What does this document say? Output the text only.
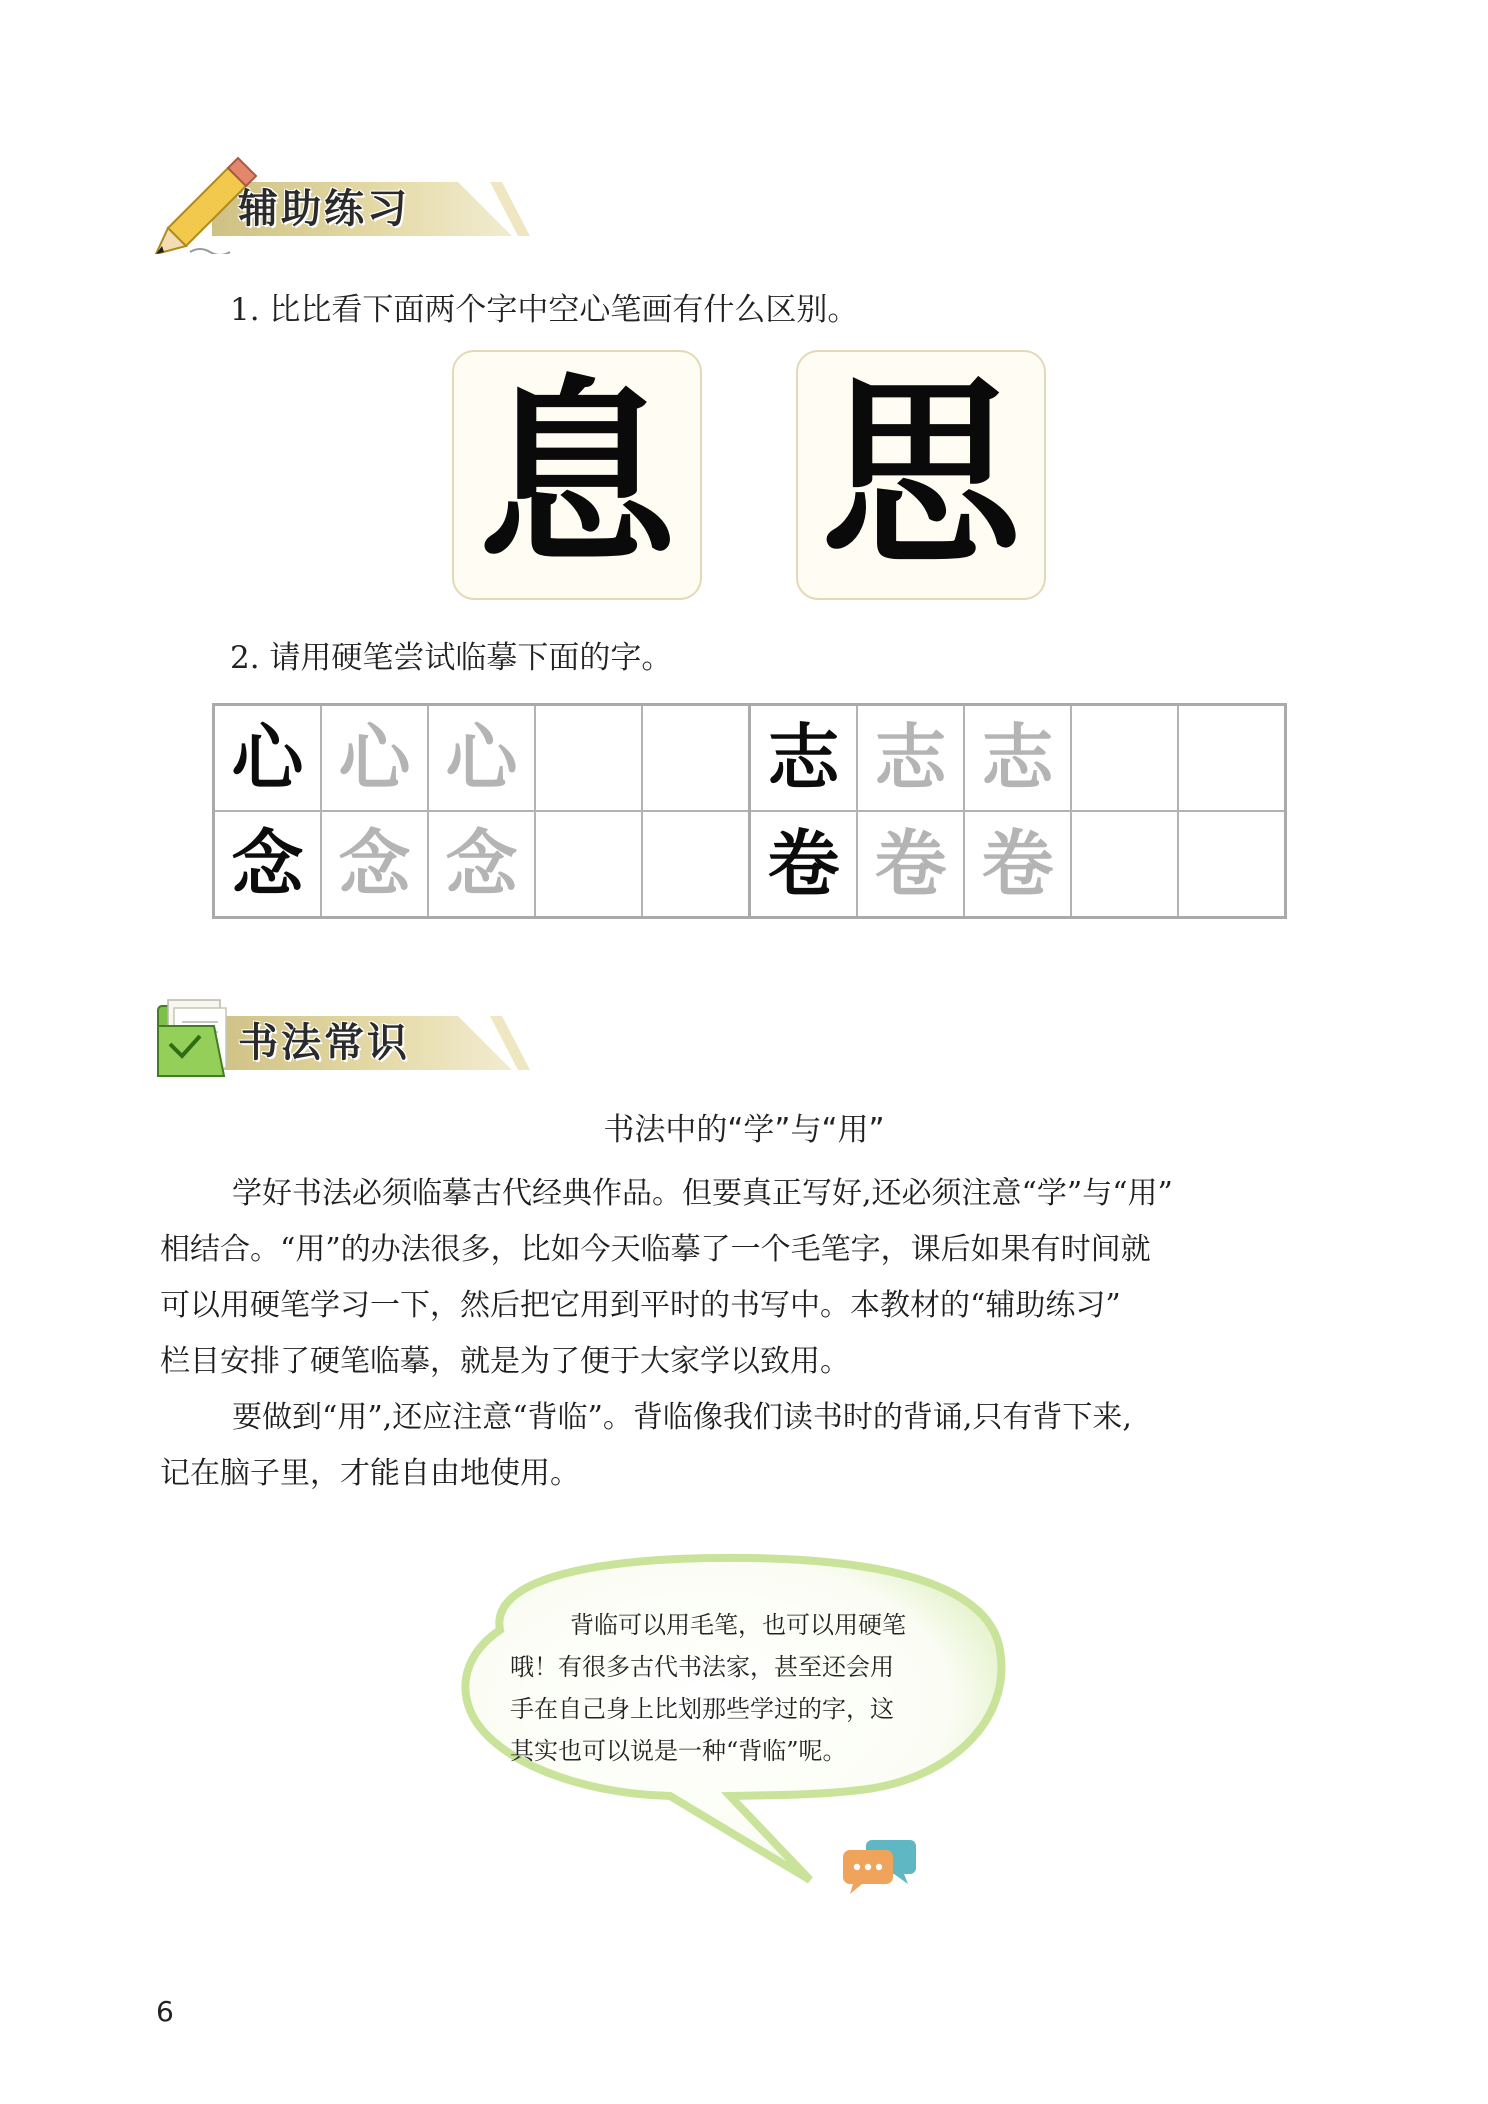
辅助练习
1. 比比看下面两个字中空心笔画有什么区别。
息 思
2. 请用硬笔尝试临摹下面的字。
心	心	心			志	志	志		
念	念	念			卷	卷	卷		
书法常识
书法中的“学”与“用”
学好书法必须临摹古代经典作品。但要真正写好,还必须注意“学”与“用”
相结合。“用”的办法很多，比如今天临摹了一个毛笔字，课后如果有时间就
可以用硬笔学习一下，然后把它用到平时的书写中。本教材的“辅助练习”
栏目安排了硬笔临摹，就是为了便于大家学以致用。
要做到“用”,还应注意“背临”。背临像我们读书时的背诵,只有背下来,
记在脑子里，才能自由地使用。
背临可以用毛笔，也可以用硬笔
哦！有很多古代书法家，甚至还会用
手在自己身上比划那些学过的字，这
其实也可以说是一种“背临”呢。
6
